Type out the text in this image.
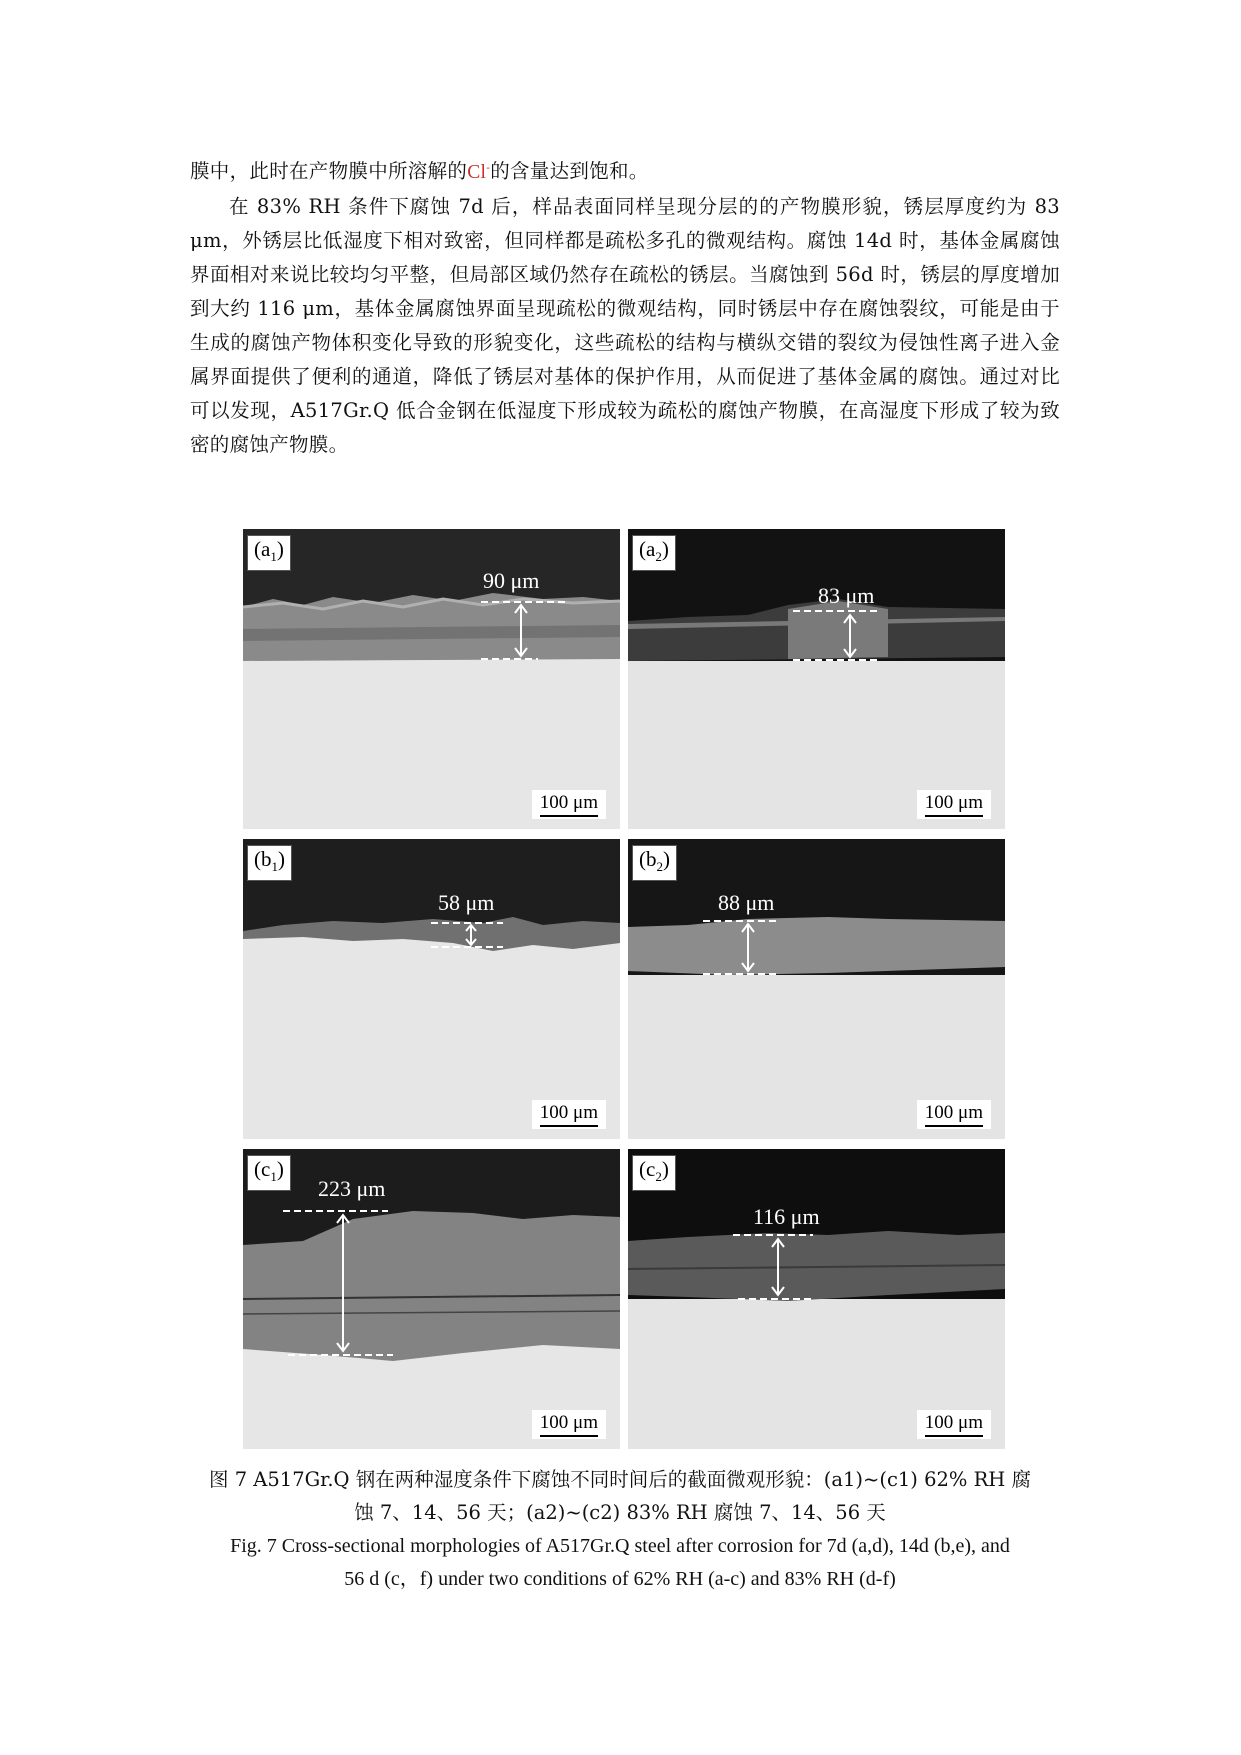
膜中，此时在产物膜中所溶解的Cl-的含量达到饱和。

在 83% RH 条件下腐蚀 7d 后，样品表面同样呈现分层的的产物膜形貌，锈层厚度约为 83 μm，外锈层比低湿度下相对致密，但同样都是疏松多孔的微观结构。腐蚀 14d 时，基体金属腐蚀界面相对来说比较均匀平整，但局部区域仍然存在疏松的锈层。当腐蚀到 56d 时，锈层的厚度增加到大约 116 μm，基体金属腐蚀界面呈现疏松的微观结构，同时锈层中存在腐蚀裂纹，可能是由于生成的腐蚀产物体积变化导致的形貌变化，这些疏松的结构与横纵交错的裂纹为侵蚀性离子进入金属界面提供了便利的通道，降低了锈层对基体的保护作用，从而促进了基体金属的腐蚀。通过对比可以发现，A517Gr.Q 低合金钢在低湿度下形成较为疏松的腐蚀产物膜，在高湿度下形成了较为致密的腐蚀产物膜。

$(a_1)$
90 μm
100 μm
$(a_2)$
83 μm
100 μm
$(b_1)$
58 μm
100 μm
$(b_2)$
88 μm
100 μm
$(c_1)$
223 μm
100 μm
$(c_2)$
116 μm
100 μm
图 7 A517Gr.Q 钢在两种湿度条件下腐蚀不同时间后的截面微观形貌：(a1)~(c1) 62% RH 腐
蚀 7、14、56 天；(a2)~(c2) 83% RH 腐蚀 7、14、56 天
Fig. 7 Cross-sectional morphologies of A517Gr.Q steel after corrosion for 7d (a,d), 14d (b,e), and
56 d (c，f) under two conditions of 62% RH (a-c) and 83% RH (d-f)
